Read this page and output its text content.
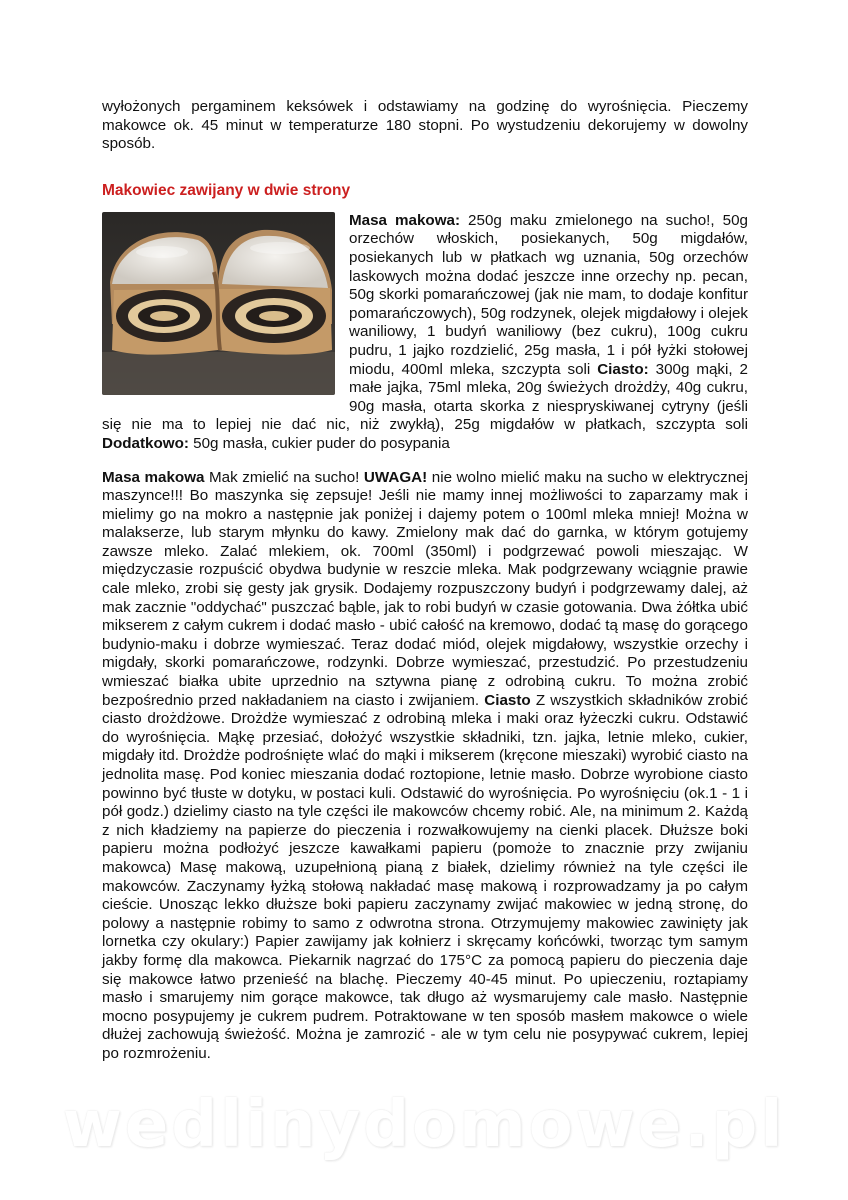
wyłożonych pergaminem keksówek i odstawiamy na godzinę do wyrośnięcia. Pieczemy makowce ok. 45 minut w temperaturze 180 stopni. Po wystudzeniu dekorujemy w dowolny sposób.

Makowiec zawijany w dwie strony

Masa makowa: 250g maku zmielonego na sucho!, 50g orzechów włoskich, posiekanych, 50g migdałów, posiekanych lub w płatkach wg uznania, 50g orzechów laskowych można dodać jeszcze inne orzechy np. pecan, 50g skorki pomarańczowej (jak nie mam, to dodaje konfitur pomarańczowych), 50g rodzynek, olejek migdałowy i olejek waniliowy, 1 budyń waniliowy (bez cukru), 100g cukru pudru, 1 jajko rozdzielić, 25g masła, 1 i pół łyżki stołowej miodu, 400ml mleka, szczypta soli Ciasto: 300g mąki, 2 małe jajka, 75ml mleka, 20g świeżych drożdży, 40g cukru, 90g masła, otarta skorka z niespryskiwanej cytryny (jeśli się nie ma to lepiej nie dać nic, niż zwykłą), 25g migdałów w płatkach, szczypta soli Dodatkowo: 50g masła, cukier puder do posypania

Masa makowa Mak zmielić na sucho! UWAGA! nie wolno mielić maku na sucho w elektrycznej maszynce!!! Bo maszynka się zepsuje! Jeśli nie mamy innej możliwości to zaparzamy mak i mielimy go na mokro a następnie jak poniżej i dajemy potem o 100ml mleka mniej! Można w malakserze, lub starym młynku do kawy. Zmielony mak dać do garnka, w którym gotujemy zawsze mleko. Zalać mlekiem, ok. 700ml (350ml) i podgrzewać powoli mieszając. W międzyczasie rozpuścić obydwa budynie w reszcie mleka. Mak podgrzewany wciągnie prawie cale mleko, zrobi się gesty jak grysik. Dodajemy rozpuszczony budyń i podgrzewamy dalej, aż mak zacznie "oddychać" puszczać bąble, jak to robi budyń w czasie gotowania. Dwa żółtka ubić mikserem z całym cukrem i dodać masło - ubić całość na kremowo, dodać tą masę do gorącego budynio-maku i dobrze wymieszać. Teraz dodać miód, olejek migdałowy, wszystkie orzechy i migdały, skorki pomarańczowe, rodzynki. Dobrze wymieszać, przestudzić. Po przestudzeniu wmieszać białka ubite uprzednio na sztywna pianę z odrobiną cukru. To można zrobić bezpośrednio przed nakładaniem na ciasto i zwijaniem. Ciasto Z wszystkich składników zrobić ciasto drożdżowe. Drożdże wymieszać z odrobiną mleka i maki oraz łyżeczki cukru. Odstawić do wyrośnięcia. Mąkę przesiać, dołożyć wszystkie składniki, tzn. jajka, letnie mleko, cukier, migdały itd. Drożdże podrośnięte wlać do mąki i mikserem (kręcone mieszaki) wyrobić ciasto na jednolita masę. Pod koniec mieszania dodać roztopione, letnie masło. Dobrze wyrobione ciasto powinno być tłuste w dotyku, w postaci kuli. Odstawić do wyrośnięcia. Po wyrośnięciu (ok.1 - 1 i pół godz.) dzielimy ciasto na tyle części ile makowców chcemy robić. Ale, na minimum 2. Każdą z nich kładziemy na papierze do pieczenia i rozwałkowujemy na cienki placek. Dłuższe boki papieru można podłożyć jeszcze kawałkami papieru (pomoże to znacznie przy zwijaniu makowca) Masę makową, uzupełnioną pianą z białek, dzielimy również na tyle części ile makowców. Zaczynamy łyżką stołową nakładać masę makową i rozprowadzamy ja po całym cieście. Unosząc lekko dłuższe boki papieru zaczynamy zwijać makowiec w jedną stronę, do polowy a następnie robimy to samo z odwrotna strona. Otrzymujemy makowiec zawinięty jak lornetka czy okulary:) Papier zawijamy jak kołnierz i skręcamy końcówki, tworząc tym samym jakby formę dla makowca. Piekarnik nagrzać do 175°C za pomocą papieru do pieczenia daje się makowce łatwo przenieść na blachę. Pieczemy 40-45 minut. Po upieczeniu, roztapiamy masło i smarujemy nim gorące makowce, tak długo aż wysmarujemy cale masło. Następnie mocno posypujemy je cukrem pudrem. Potraktowane w ten sposób masłem makowce o wiele dłużej zachowują świeżość. Można je zamrozić - ale w tym celu nie posypywać cukrem, lepiej po rozmrożeniu.

wedlinydomowe.pl
